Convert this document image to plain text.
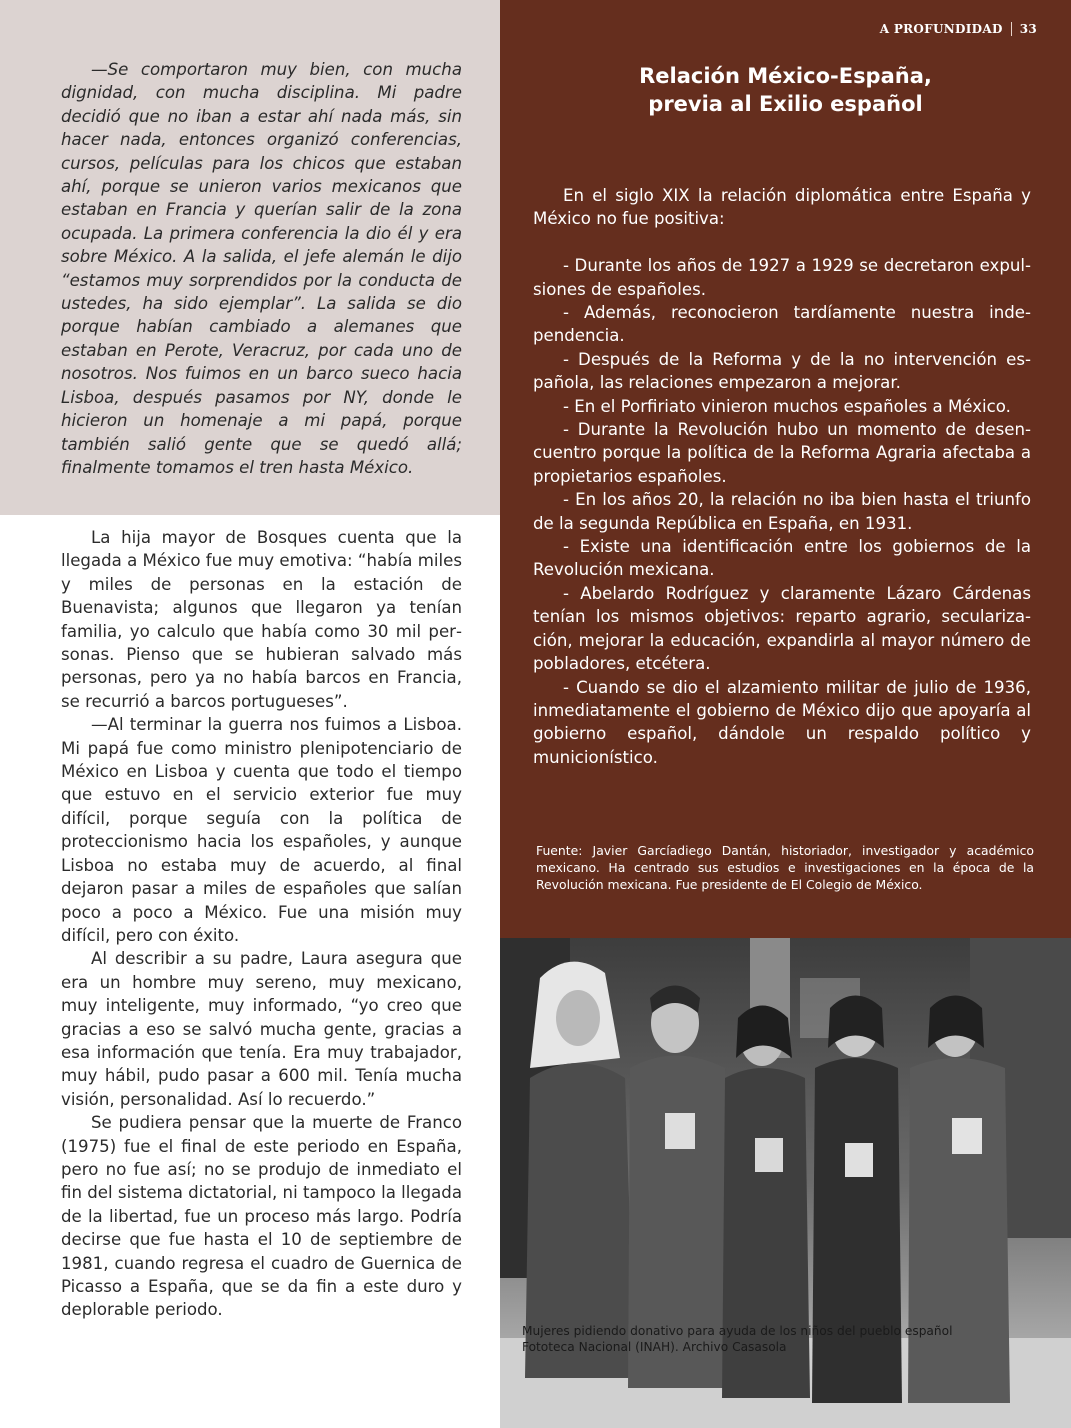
—Se comportaron muy bien, con mucha dignidad, con mucha disciplina. Mi padre decidió que no iban a estar ahí nada más, sin hacer nada, entonces organizó conferencias, cursos, películas para los chicos que estaban ahí, porque se unieron varios mexicanos que estaban en Francia y querían salir de la zona ocupada. La primera conferencia la dio él y era sobre México. A la salida, el jefe alemán le dijo “estamos muy sorprendidos por la conducta de ustedes, ha sido ejemplar”. La salida se dio porque habían cambiado a alemanes que estaban en Perote, Veracruz, por cada uno de nosotros. Nos fuimos en un barco sueco hacia Lisboa, después pasamos por NY, donde le hicieron un homenaje a mi papá, porque también salió gente que se quedó allá; finalmente tomamos el tren hasta México.

La hija mayor de Bosques cuenta que la llegada a México fue muy emotiva: “había miles y miles de personas en la estación de Buenavista; algunos que llegaron ya tenían familia, yo calculo que había como 30 mil personas. Pienso que se hubieran salvado más personas, pero ya no había barcos en Francia, se recurrió a barcos portugueses”.

—Al terminar la guerra nos fuimos a Lisboa. Mi papá fue como ministro plenipotenciario de México en Lisboa y cuenta que todo el tiempo que estuvo en el servicio exterior fue muy difícil, porque seguía con la política de proteccionismo hacia los españoles, y aunque Lisboa no estaba muy de acuerdo, al final dejaron pasar a miles de españoles que salían poco a poco a México. Fue una misión muy difícil, pero con éxito.

Al describir a su padre, Laura asegura que era un hombre muy sereno, muy mexicano, muy inteligente, muy informado, “yo creo que gracias a eso se salvó mucha gente, gracias a esa información que tenía. Era muy trabajador, muy hábil, pudo pasar a 600 mil. Tenía mucha visión, personalidad. Así lo recuerdo.”

Se pudiera pensar que la muerte de Franco (1975) fue el final de este periodo en España, pero no fue así; no se produjo de inmediato el fin del sistema dictatorial, ni tampoco la llegada de la libertad, fue un proceso más largo. Podría decirse que fue hasta el 10 de septiembre de 1981, cuando regresa el cuadro de Guernica de Picasso a España, que se da fin a este duro y deplorable periodo.

A PROFUNDIDAD 33
Relación México-España,
previa al Exilio español

En el siglo XIX la relación diplomática entre España y México no fue positiva:

- Durante los años de 1927 a 1929 se decretaron expulsiones de españoles.

- Además, reconocieron tardíamente nuestra independencia.

- Después de la Reforma y de la no intervención española, las relaciones empezaron a mejorar.

- En el Porfiriato vinieron muchos españoles a México.

- Durante la Revolución hubo un momento de desencuentro porque la política de la Reforma Agraria afectaba a propietarios españoles.

- En los años 20, la relación no iba bien hasta el triunfo de la segunda República en España, en 1931.

- Existe una identificación entre los gobiernos de la Revolución mexicana.

- Abelardo Rodríguez y claramente Lázaro Cárdenas tenían los mismos objetivos: reparto agrario, secularización, mejorar la educación, expandirla al mayor número de pobladores, etcétera.

- Cuando se dio el alzamiento militar de julio de 1936, inmediatamente el gobierno de México dijo que apoyaría al gobierno español, dándole un respaldo político y municionístico.

Fuente: Javier Garcíadiego Dantán, historiador, investigador y académico mexicano. Ha centrado sus estudios e investigaciones en la época de la Revolución mexicana. Fue presidente de El Colegio de México.
Mujeres pidiendo donativo para ayuda de los niños del pueblo español
Fototeca Nacional (INAH). Archivo Casasola
